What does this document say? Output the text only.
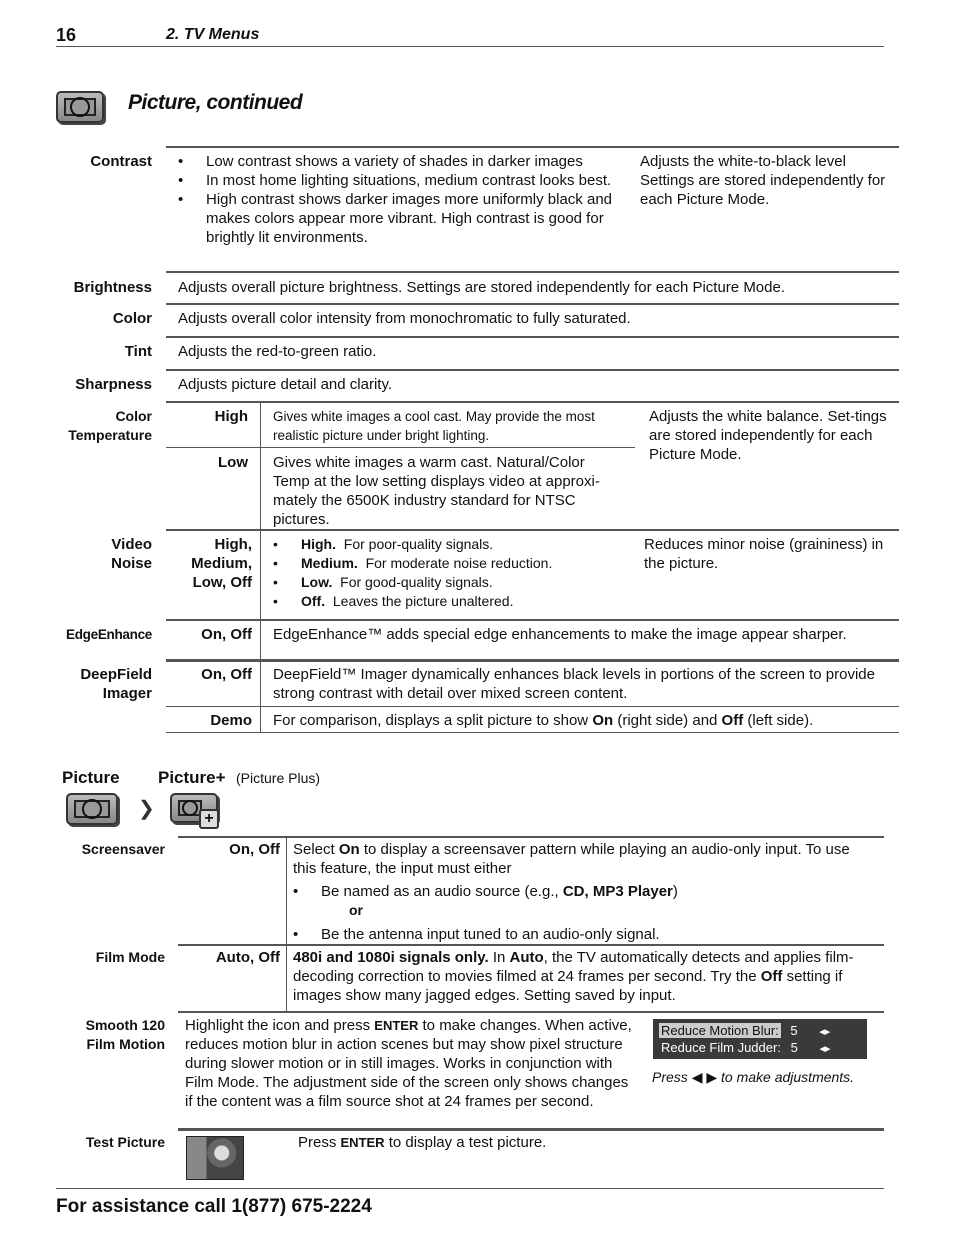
16	2. TV Menus
Picture, continued
Contrast
•	Low contrast shows a variety of shades in darker images
• In most home lighting situations, medium contrast looks best.
• High contrast shows darker images more uniformly black and makes colors appear more vibrant. High contrast is good for brightly lit environments.
Adjusts the white-to-black level Settings are stored independently for each Picture Mode.
Brightness Adjusts overall picture brightness. Settings are stored independently for each Picture Mode.
Color Adjusts overall color intensity from monochromatic to fully saturated.
Tint Adjusts the red-to-green ratio.
Sharpness Adjusts picture detail and clarity.
Color
Temperature
High Gives white images a cool cast. May provide the most realistic picture under bright lighting.
Low Gives white images a warm cast. Natural/Color Temp at the low setting displays video at approxi-mately the 6500K industry standard for NTSC pictures.
Adjusts the white balance. Set-tings are stored independently for each Picture Mode.
Video
Noise
High,
Medium,
Low, Off
• High. For poor-quality signals.
• Medium. For moderate noise reduction.
• Low. For good-quality signals.
• Off. Leaves the picture unaltered.
Reduces minor noise (graininess) in the picture.
EdgeEnhance	On, Off EdgeEnhance™ adds special edge enhancements to make the image appear sharper.
DeepField
Imager
On, Off DeepField™ Imager dynamically enhances black levels in portions of the screen to provide strong contrast with detail over mixed screen content.
Demo For comparison, displays a split picture to show On (right side) and Off (left side).
Picture Picture+ (Picture Plus)
❯	+
Screensaver	On, Off Select On to display a screensaver pattern while playing an audio-only input. To use this feature, the input must either
• Be named as an audio source (e.g., CD, MP3 Player)
or
• Be the antenna input tuned to an audio-only signal.
Film Mode	Auto, Off 480i and 1080i signals only. In Auto, the TV automatically detects and applies film-decoding correction to movies filmed at 24 frames per second. Try the Off setting if images show many jagged edges. Setting saved by input.
Smooth 120
Film Motion
Highlight the icon and press ENTER to make changes. When active, reduces motion blur in action scenes but may show pixel structure during slower motion or in still images. Works in conjunction with Film Mode. The adjustment side of the screen only shows changes if the content was a film source shot at 24 frames per second.
Reduce Motion Blur: 5 ◂▸
Reduce Film Judder: 5 ◂▸
Press ◀ ▶ to make adjustments.
Test Picture	Press ENTER to display a test picture.
For assistance call 1(877) 675-2224
